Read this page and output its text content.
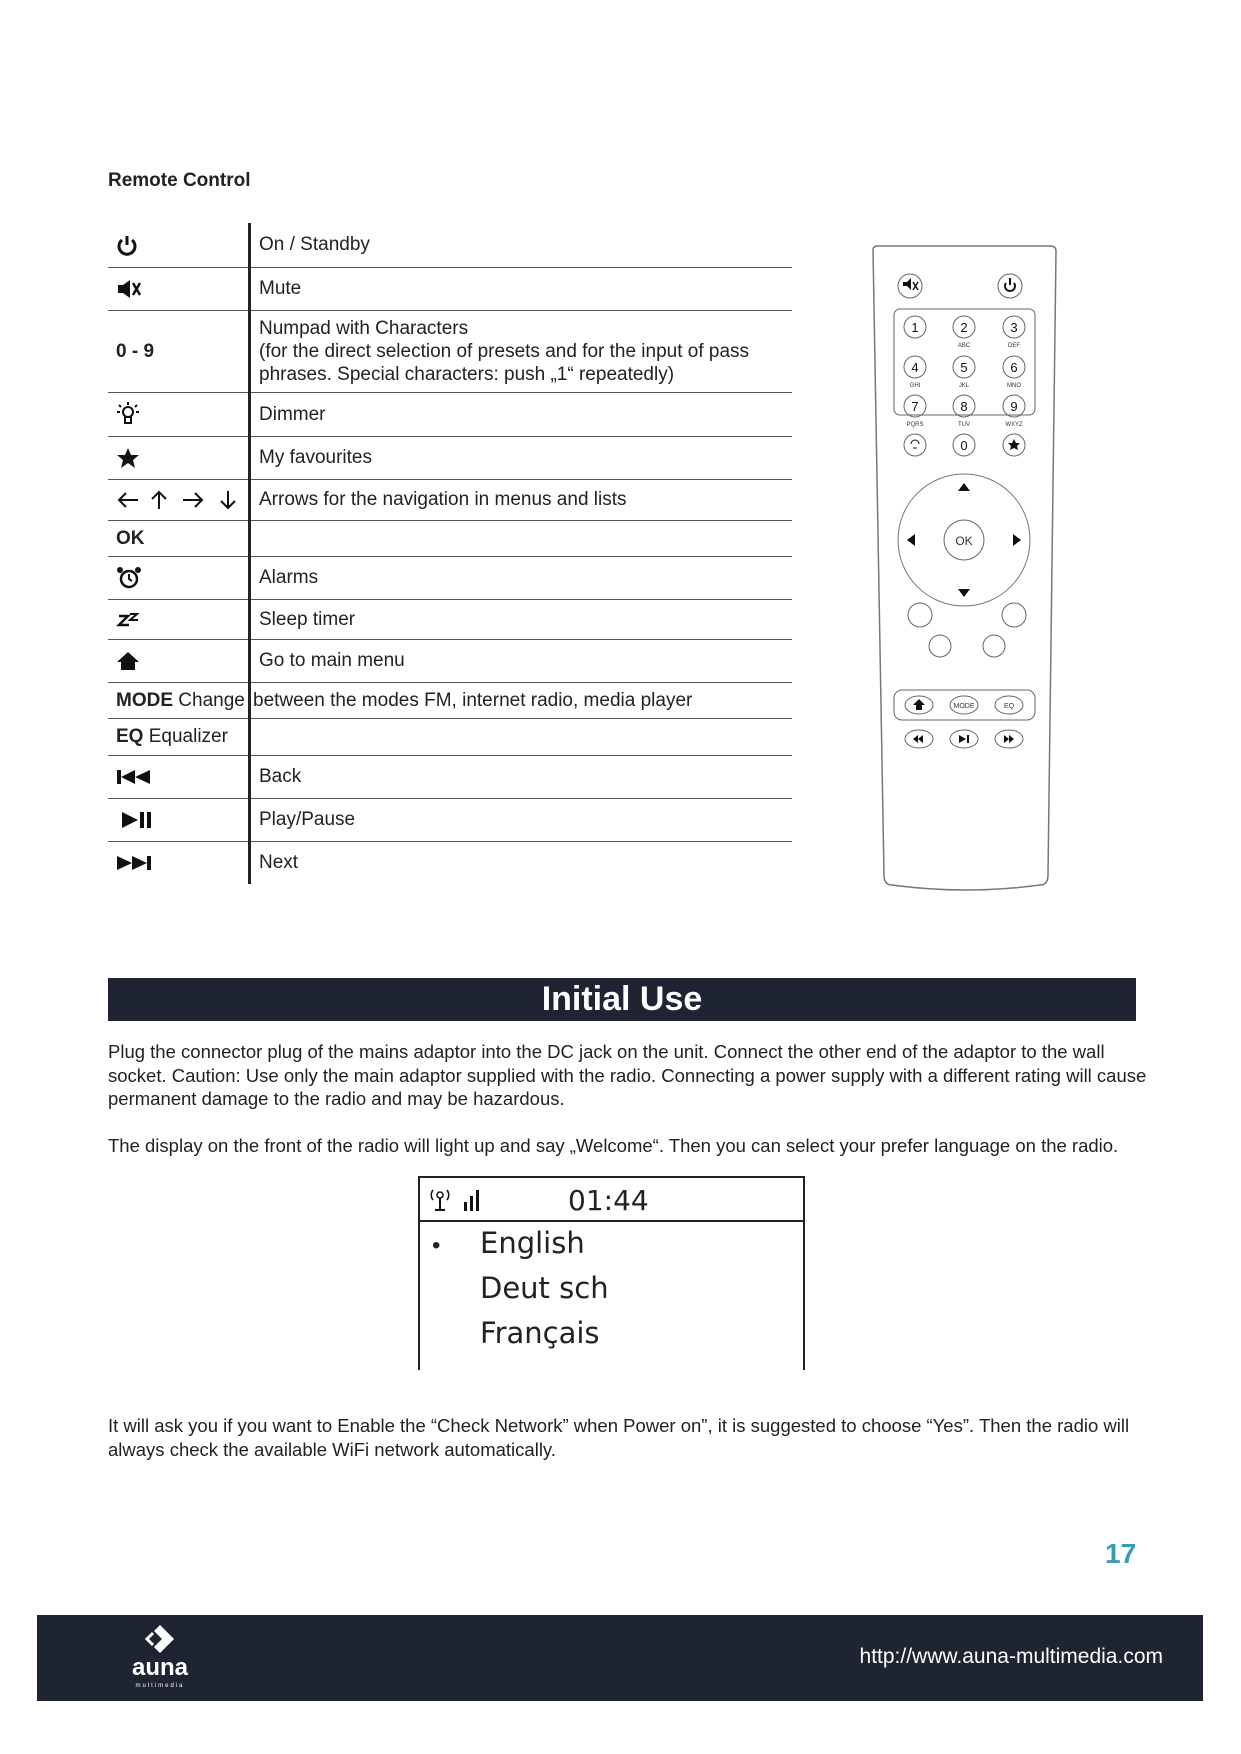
Remote Control
	On / Standby

	Mute
0 - 9	Numpad with Characters
(for the direct selection of presets and for the input of pass phrases. Special characters: push „1“ repeatedly)

	Dimmer

	My favourites

	Arrows for the navigation in menus and lists
OK	

	Alarms

	Sleep timer

	Go to main menu
MODE Change	between the modes FM, internet radio, media player
EQ Equalizer	

	Back

	Play/Pause

	Next
1	2	3
4	5	6
7	8	9
0
ABC	DEF
GHI	JKL	MNO
PQRS	TUV	WXYZ
OK
MODE	EQ
Initial Use
Plug the connector plug of the mains adaptor into the DC jack on the unit. Connect the other end of the adaptor to the wall socket. Caution: Use only the main adaptor supplied with the radio. Connecting a power supply with a different rating will cause permanent damage to the radio and may be hazardous.
The display on the front of the radio will light up and say „Welcome“. Then you can select your prefer language on the radio.
01:44
• English
Deut sch
Français
It will ask you if you want to Enable the “Check Network” when Power on”, it is suggested to choose “Yes”. Then the radio will always check the available WiFi network automatically.
17
auna
multimedia
http://www.auna-multimedia.com
